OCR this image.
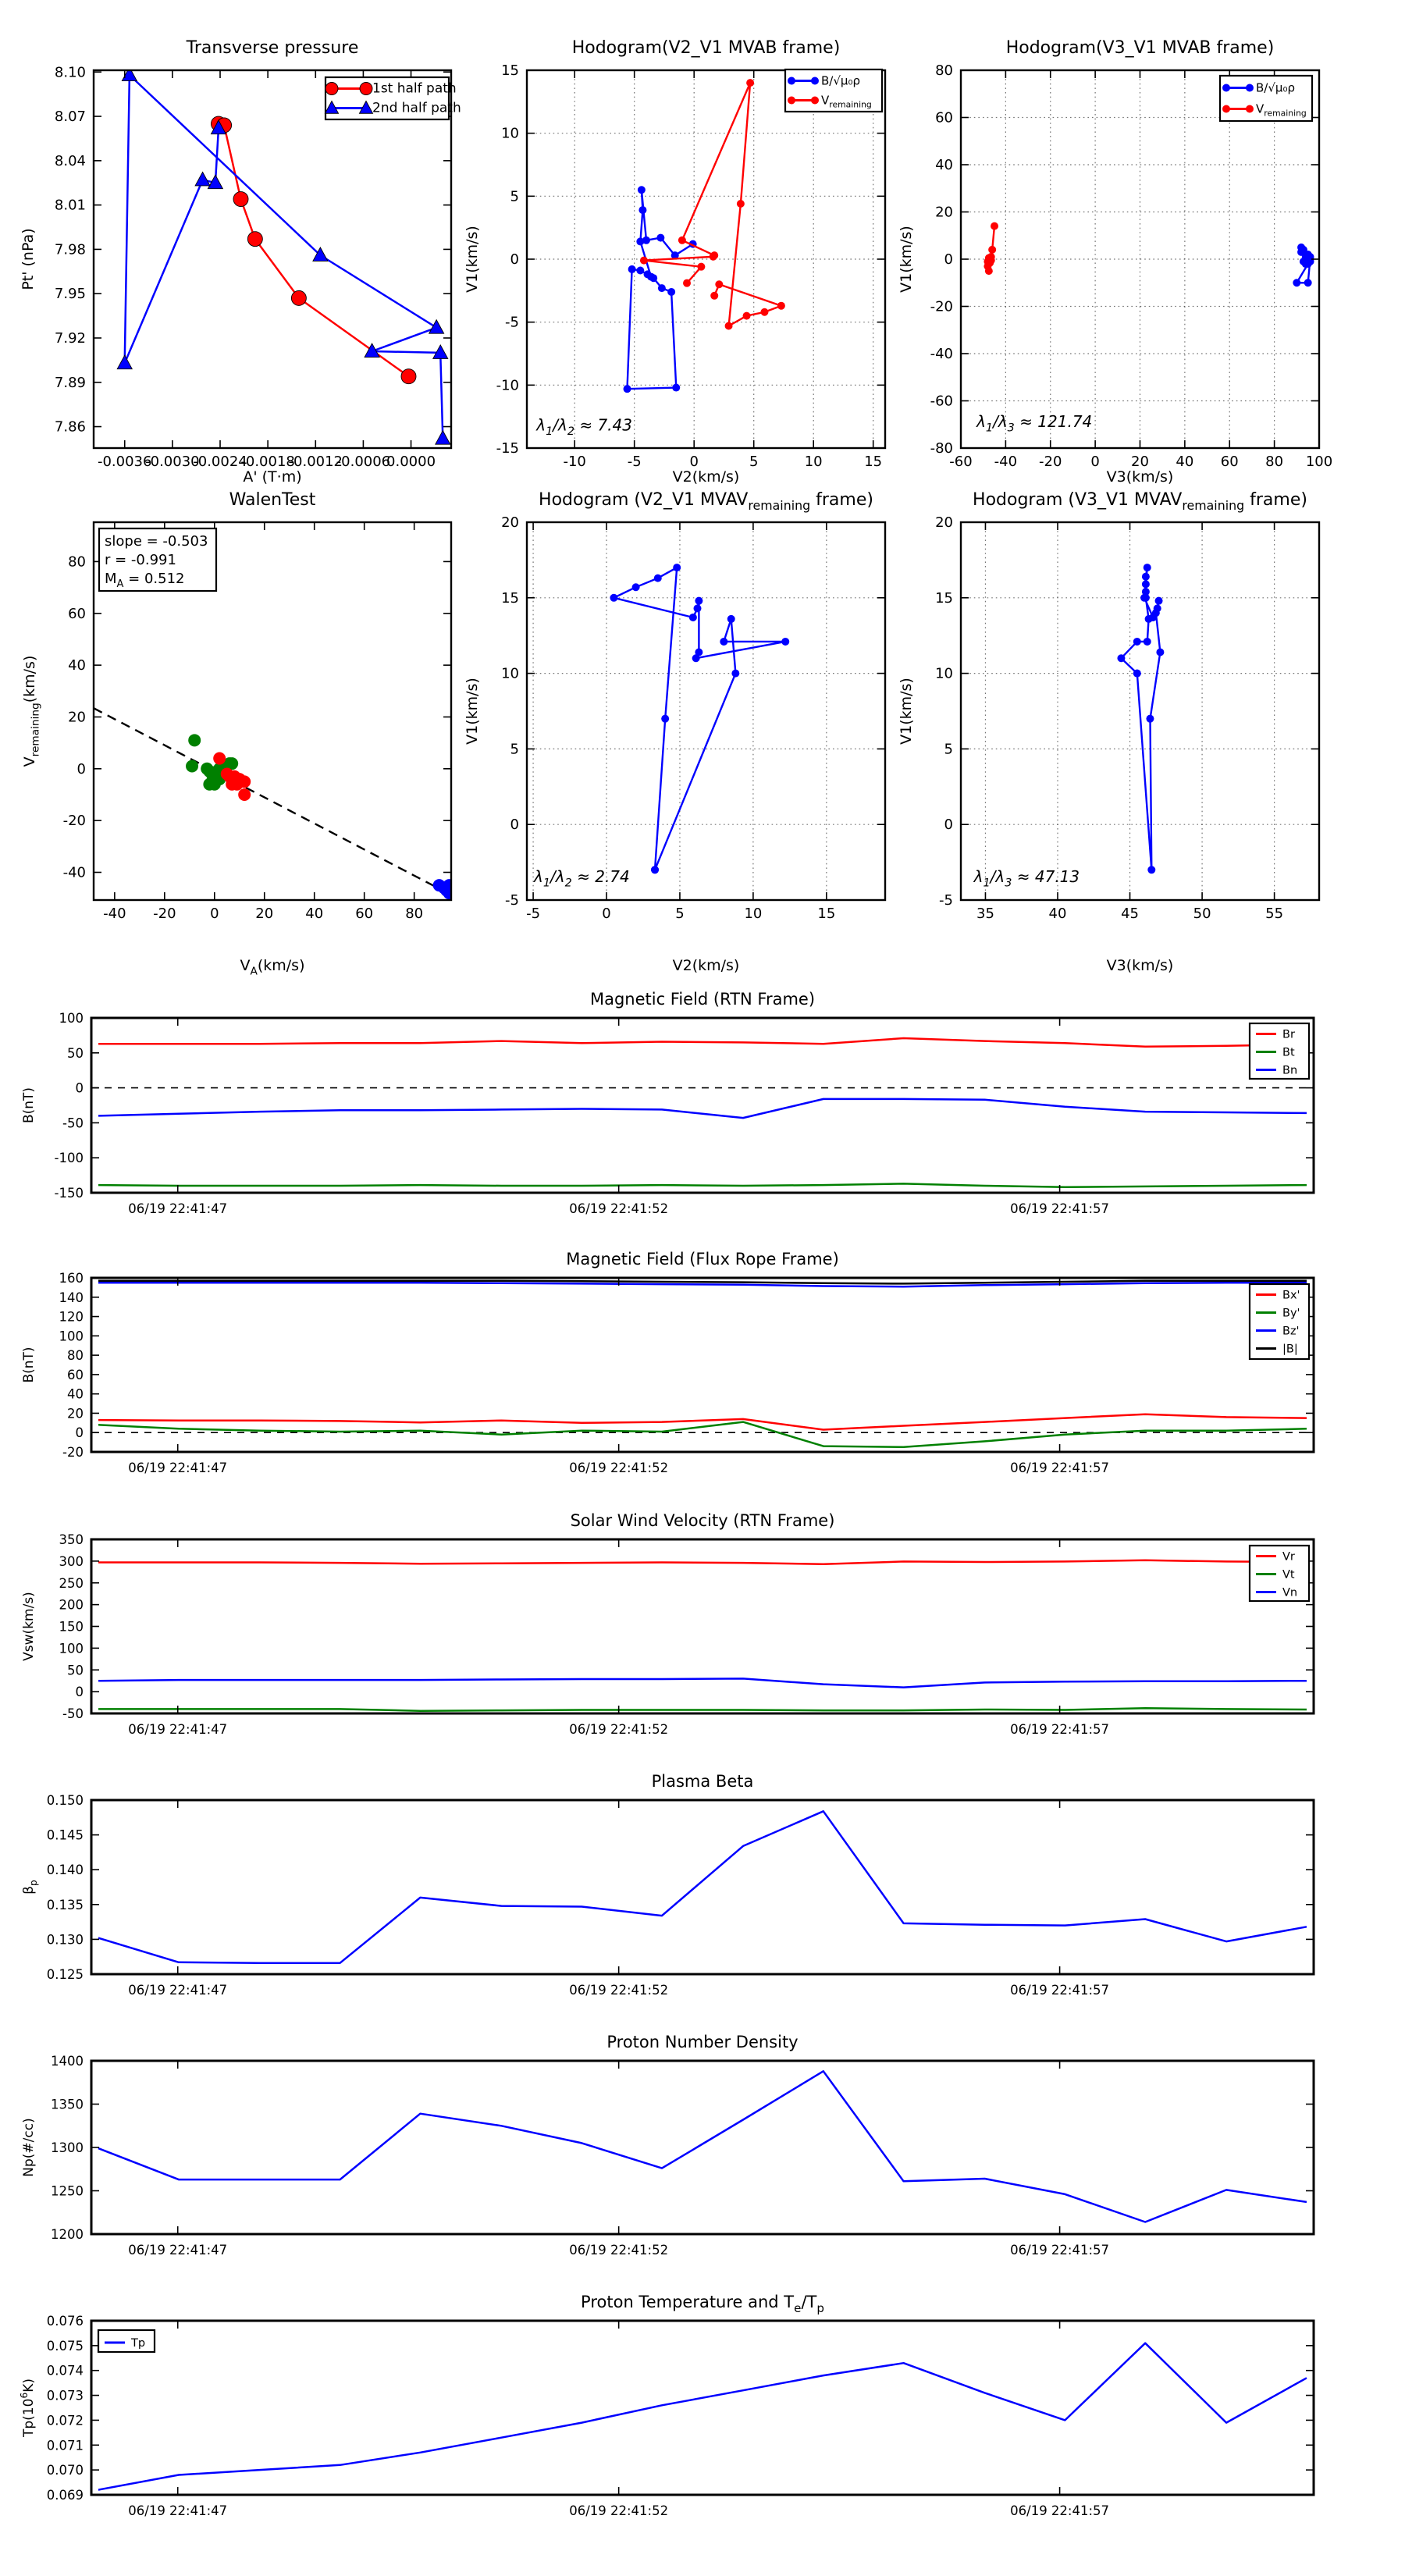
-0.0036
-0.0030
-0.0024
-0.0018
-0.0012
-0.0006
0.0000
7.86
7.89
7.92
7.95
7.98
8.01
8.04
8.07
8.10
Transverse pressure
A' (T·m)
Pt' (nPa)
1st half path
2nd half path
-10	-5	0	5	10	15
-15
-10
-5
0
5
10
15
Hodogram(V2_V1 MVAB frame)
V2(km/s)
V1(km/s)
B/√μ₀ρ
$V_{remaining}$
$\lambda_1/\lambda_2 \approx 7.43$
-60 -40 -20 0 20 40 60 80 100
-80
-60
-40
-20
0
20
40
60
80
Hodogram(V3_V1 MVAB frame)
V3(km/s)
V1(km/s)
B/√μ₀ρ
$V_{remaining}$
$\lambda_1/\lambda_3 \approx 121.74$
-40 -20 0	20 40 60 80
-40
-20
0
20
40
60
80
WalenTest
$V_A(km/s)$
$V_{remaining}(km/s)$
slope = -0.503
r = -0.991
$M_A = 0.512$
-5	0	5	10	15
-5
0
5
10
15
20
Hodogram (V2_V1 $MVAV_{remaining}$ frame)
V2(km/s)
V1(km/s)
$\lambda_1/\lambda_2 \approx 2.74$
35	40	45	50	55
-5
0
5
10
15
20
Hodogram (V3_V1 $MVAV_{remaining}$ frame)
V3(km/s)
V1(km/s)
$\lambda_1/\lambda_3 \approx 47.13$
06/19 22:41:47	06/19 22:41:52	06/19 22:41:57
100
50
0
-50
-100
-150
Magnetic Field (RTN Frame)
B(nT)
Br
Bt
Bn
06/19 22:41:47	06/19 22:41:52	06/19 22:41:57
160
140
120
100
80
60
40
20
0
-20
Magnetic Field (Flux Rope Frame)
B(nT)
Bx'
By'
Bz'
|B|
06/19 22:41:47	06/19 22:41:52	06/19 22:41:57
350
300
250
200
150
100
50
0
-50
Solar Wind Velocity (RTN Frame)
Vsw(km/s)
Vr
Vt
Vn
06/19 22:41:47	06/19 22:41:52	06/19 22:41:57
0.150
0.145
0.140
0.135
0.130
0.125
Plasma Beta
$\beta_p$
06/19 22:41:47	06/19 22:41:52	06/19 22:41:57
1400
1350
1300
1250
1200
Proton Number Density
Np(#/cc)
06/19 22:41:47	06/19 22:41:52	06/19 22:41:57
0.076
0.075
0.074
0.073
0.072
0.071
0.070
0.069
Proton Temperature and $T_e/T_p$
$Tp(10^6K)$
Tp
